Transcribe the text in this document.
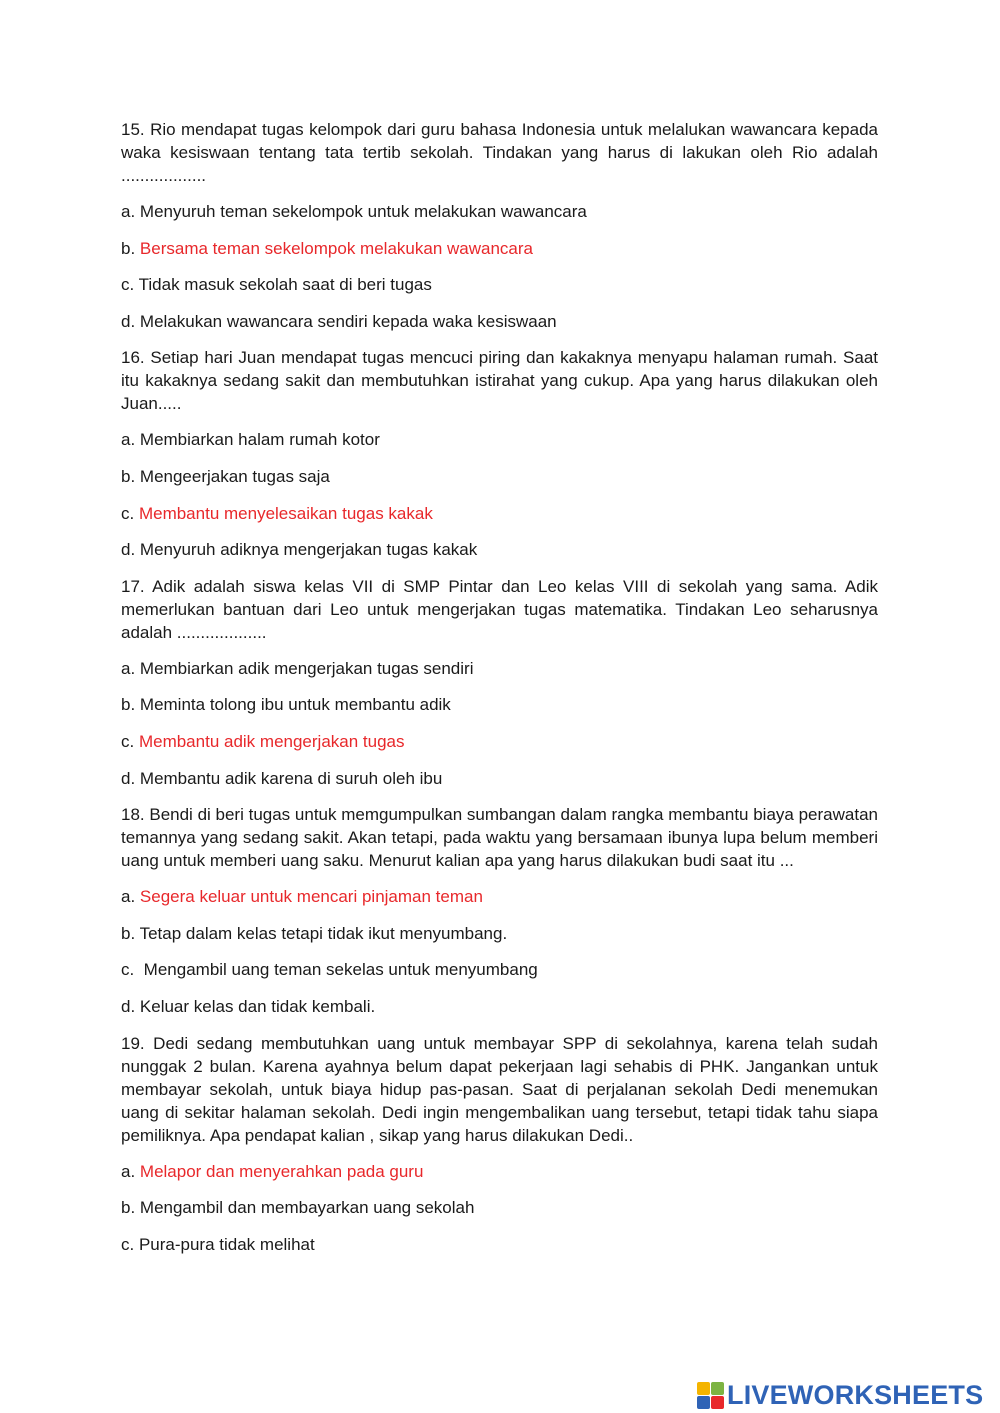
15. Rio mendapat tugas kelompok dari guru bahasa Indonesia untuk melalukan wawancara kepada waka kesiswaan tentang tata tertib sekolah. Tindakan yang harus di lakukan oleh Rio adalah ..................

a. Menyuruh teman sekelompok untuk melakukan wawancara
b. Bersama teman sekelompok melakukan wawancara
c. Tidak masuk sekolah saat di beri tugas
d. Melakukan wawancara sendiri kepada waka kesiswaan

16. Setiap hari Juan mendapat tugas mencuci piring dan kakaknya menyapu halaman rumah. Saat itu kakaknya sedang sakit dan membutuhkan istirahat yang cukup. Apa yang harus dilakukan oleh Juan.....

a. Membiarkan halam rumah kotor
b. Mengeerjakan tugas saja
c. Membantu menyelesaikan tugas kakak
d. Menyuruh adiknya mengerjakan tugas kakak

17. Adik adalah siswa kelas VII di SMP Pintar dan Leo kelas VIII di sekolah yang sama. Adik memerlukan bantuan dari Leo untuk mengerjakan tugas matematika. Tindakan Leo seharusnya adalah ...................

a. Membiarkan adik mengerjakan tugas sendiri
b. Meminta tolong ibu untuk membantu adik
c. Membantu adik mengerjakan tugas
d. Membantu adik karena di suruh oleh ibu

18. Bendi di beri tugas untuk memgumpulkan sumbangan dalam rangka membantu biaya perawatan temannya yang sedang sakit. Akan tetapi, pada waktu yang bersamaan ibunya lupa belum memberi uang untuk memberi uang saku. Menurut kalian apa yang harus dilakukan budi saat itu ...

a. Segera keluar untuk mencari pinjaman teman
b. Tetap dalam kelas tetapi tidak ikut menyumbang.
c.  Mengambil uang teman sekelas untuk menyumbang
d. Keluar kelas dan tidak kembali.

19. Dedi sedang membutuhkan uang untuk membayar SPP di sekolahnya, karena telah sudah nunggak 2 bulan. Karena ayahnya belum dapat pekerjaan lagi sehabis di PHK. Jangankan untuk membayar sekolah, untuk biaya hidup pas-pasan. Saat di perjalanan sekolah Dedi menemukan uang di sekitar halaman sekolah. Dedi ingin mengembalikan uang tersebut, tetapi tidak tahu siapa pemiliknya. Apa pendapat kalian , sikap yang harus dilakukan Dedi..

a. Melapor dan menyerahkan pada guru
b. Mengambil dan membayarkan uang sekolah
c. Pura-pura tidak melihat
LIVEWORKSHEETS
